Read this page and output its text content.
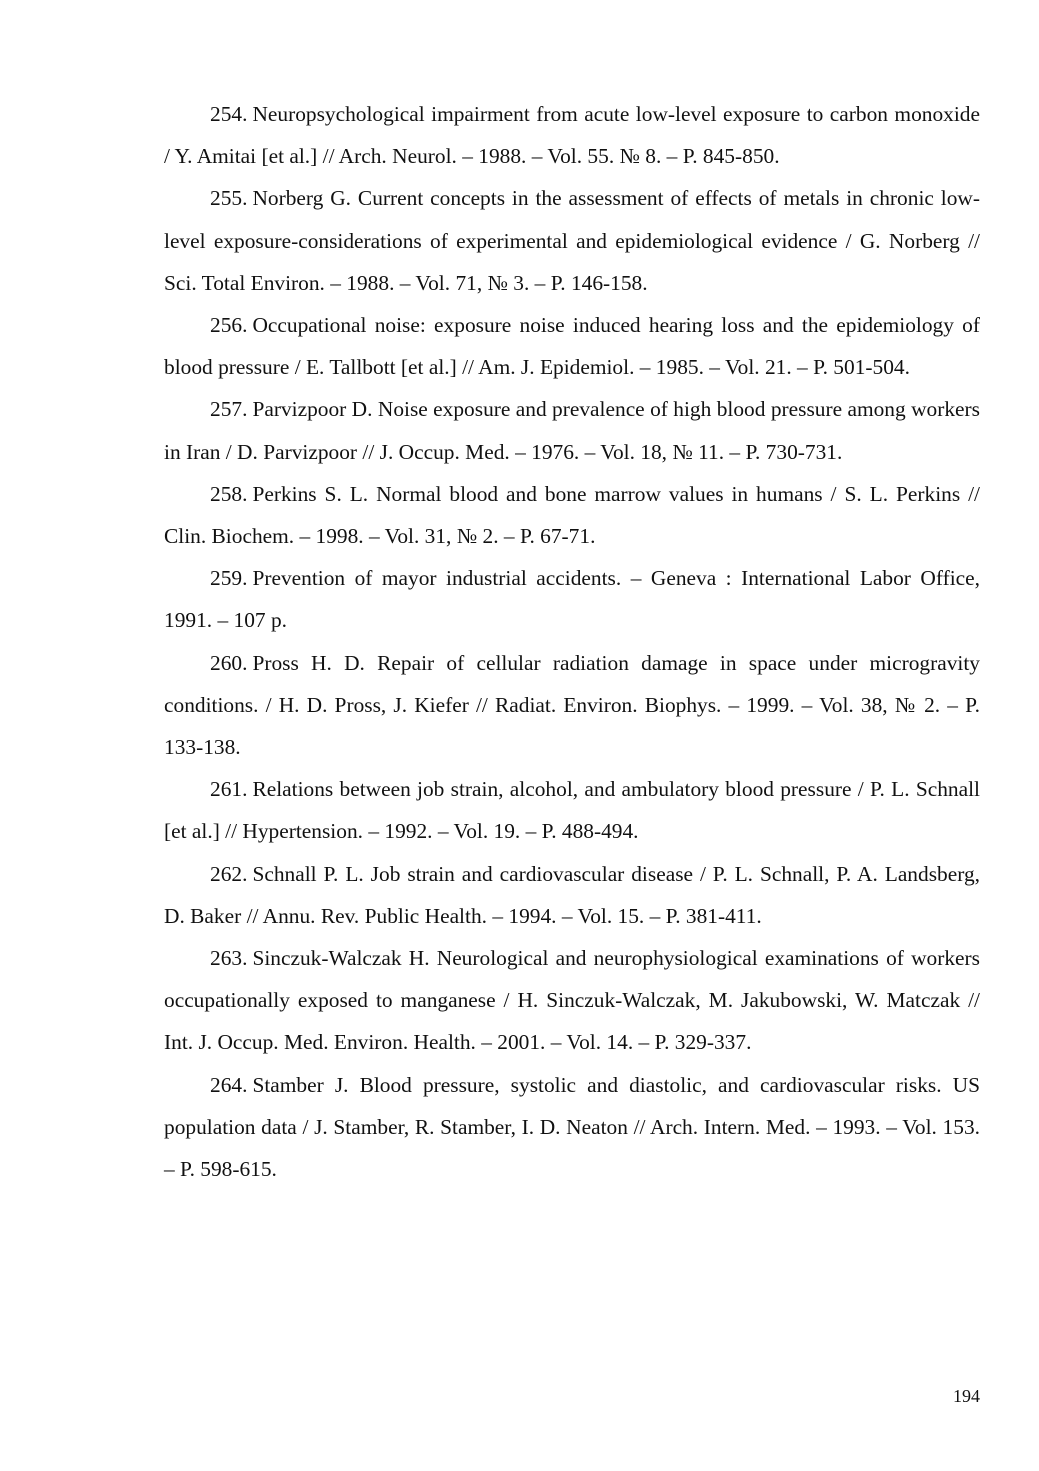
254. Neuropsychological impairment from acute low-level exposure to carbon monoxide / Y. Amitai [et al.] // Arch. Neurol. – 1988. – Vol. 55. № 8. – P. 845-850.
255. Norberg G. Current concepts in the assessment of effects of metals in chronic low-level exposure-considerations of experimental and epidemiological evidence / G. Norberg // Sci. Total Environ. – 1988. – Vol. 71, № 3. – P. 146-158.
256. Occupational noise: exposure noise induced hearing loss and the epidemiology of blood pressure / E. Tallbott [et al.] // Am. J. Epidemiol. – 1985. – Vol. 21. – P. 501-504.
257. Parvizpoor D. Noise exposure and prevalence of high blood pressure among workers in Iran / D. Parvizpoor // J. Occup. Med. – 1976. – Vol. 18, № 11. – P. 730-731.
258. Perkins S. L. Normal blood and bone marrow values in humans / S. L. Perkins // Clin. Biochem. – 1998. – Vol. 31, № 2. – P. 67-71.
259. Prevention of mayor industrial accidents. – Geneva : International Labor Office, 1991. – 107 p.
260. Pross H. D. Repair of cellular radiation damage in space under microgravity conditions. / H. D. Pross, J. Kiefer // Radiat. Environ. Biophys. – 1999. – Vol. 38, № 2. – P. 133-138.
261. Relations between job strain, alcohol, and ambulatory blood pressure / P. L. Schnall [et al.] // Hypertension. – 1992. – Vol. 19. – P. 488-494.
262. Schnall P. L. Job strain and cardiovascular disease / P. L. Schnall, P. A. Landsberg, D. Baker // Annu. Rev. Public Health. – 1994. – Vol. 15. – P. 381-411.
263. Sinczuk-Walczak H. Neurological and neurophysiological examinations of workers occupationally exposed to manganese / H. Sinczuk-Walczak, M. Jakubowski, W. Matczak // Int. J. Occup. Med. Environ. Health. – 2001. – Vol. 14. – P. 329-337.
264. Stamber J. Blood pressure, systolic and diastolic, and cardiovascular risks. US population data / J. Stamber, R. Stamber, I. D. Neaton // Arch. Intern. Med. – 1993. – Vol. 153. – P. 598-615.
194
